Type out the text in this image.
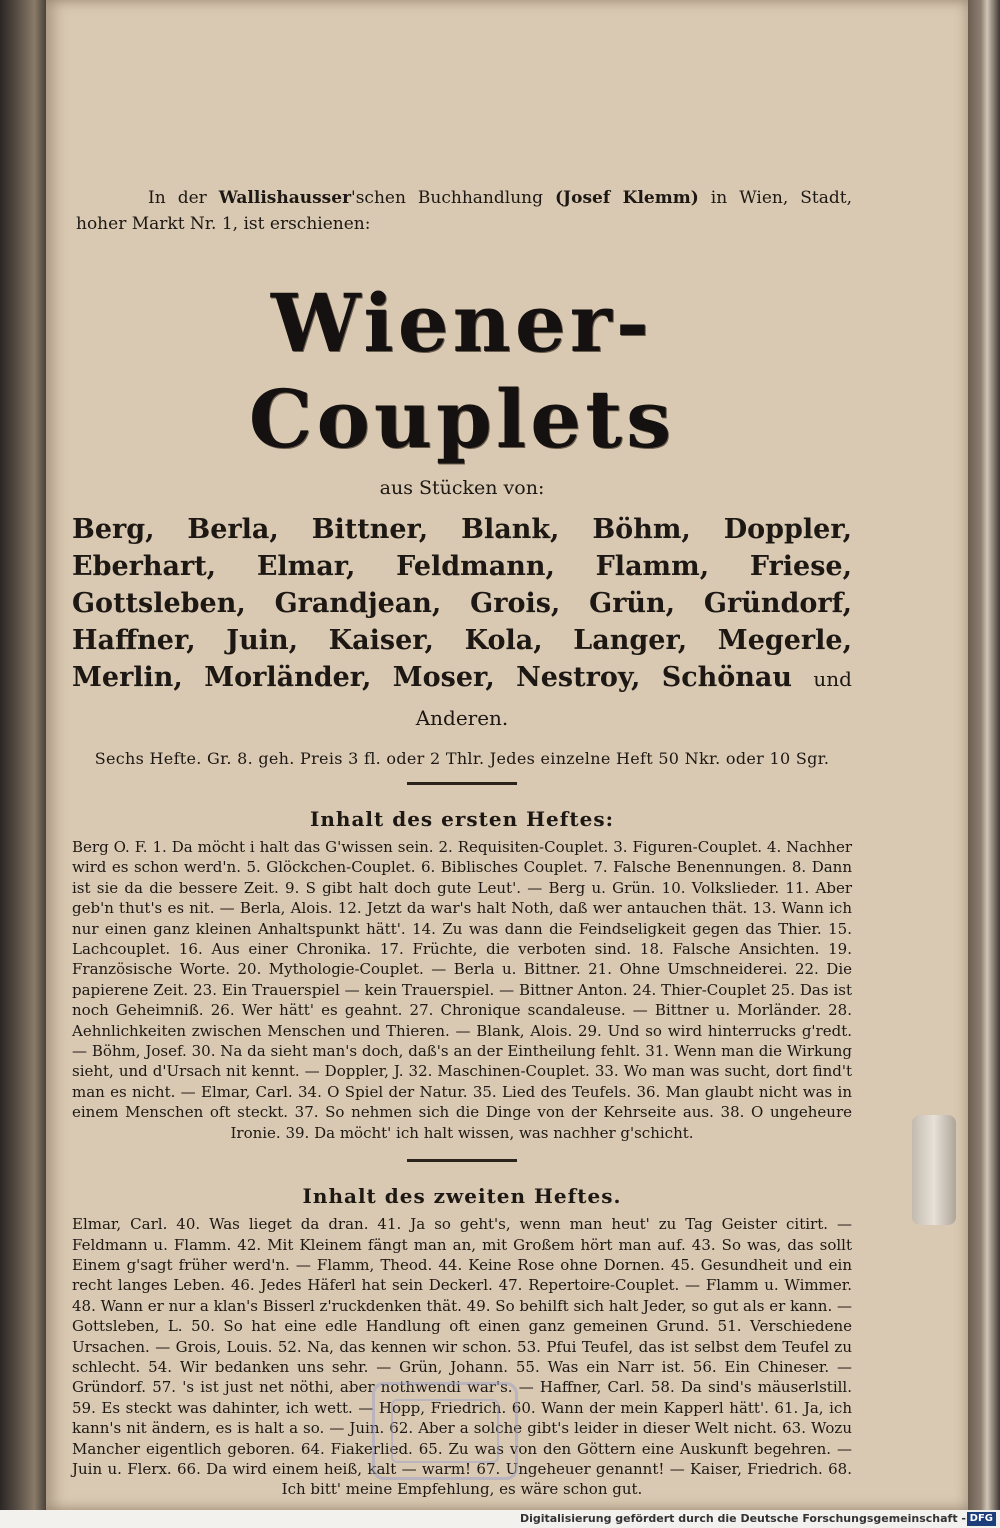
In der Wallishausser'schen Buchhandlung (Josef Klemm) in Wien, Stadt, hoher Markt Nr. 1, ist erschienen:

Wiener-Couplets
aus Stücken von:

Berg, Berla, Bittner, Blank, Böhm, Doppler, Eberhart, Elmar, Feldmann, Flamm, Friese, Gottsleben, Grandjean, Grois, Grün, Gründorf, Haffner, Juin, Kaiser, Kola, Langer, Megerle, Merlin, Morländer, Moser, Nestroy, Schönau und Anderen.

Sechs Hefte. Gr. 8. geh. Preis 3 fl. oder 2 Thlr. Jedes einzelne Heft 50 Nkr. oder 10 Sgr.
Inhalt des ersten Heftes:

Berg O. F. 1. Da möcht i halt das G'wissen sein. 2. Requisiten-Couplet. 3. Figuren-Couplet. 4. Nachher wird es schon werd'n. 5. Glöckchen-Couplet. 6. Biblisches Couplet. 7. Falsche Benennungen. 8. Dann ist sie da die bessere Zeit. 9. S gibt halt doch gute Leut'. — Berg u. Grün. 10. Volkslieder. 11. Aber geb'n thut's es nit. — Berla, Alois. 12. Jetzt da war's halt Noth, daß wer antauchen thät. 13. Wann ich nur einen ganz kleinen Anhaltspunkt hätt'. 14. Zu was dann die Feindseligkeit gegen das Thier. 15. Lachcouplet. 16. Aus einer Chronika. 17. Früchte, die verboten sind. 18. Falsche Ansichten. 19. Französische Worte. 20. Mythologie-Couplet. — Berla u. Bittner. 21. Ohne Umschneiderei. 22. Die papierene Zeit. 23. Ein Trauerspiel — kein Trauerspiel. — Bittner Anton. 24. Thier-Couplet 25. Das ist noch Geheimniß. 26. Wer hätt' es geahnt. 27. Chronique scandaleuse. — Bittner u. Morländer. 28. Aehnlichkeiten zwischen Menschen und Thieren. — Blank, Alois. 29. Und so wird hinterrucks g'redt. — Böhm, Josef. 30. Na da sieht man's doch, daß's an der Eintheilung fehlt. 31. Wenn man die Wirkung sieht, und d'Ursach nit kennt. — Doppler, J. 32. Maschinen-Couplet. 33. Wo man was sucht, dort find't man es nicht. — Elmar, Carl. 34. O Spiel der Natur. 35. Lied des Teufels. 36. Man glaubt nicht was in einem Menschen oft steckt. 37. So nehmen sich die Dinge von der Kehrseite aus. 38. O ungeheure Ironie. 39. Da möcht' ich halt wissen, was nachher g'schicht.

Inhalt des zweiten Heftes.

Elmar, Carl. 40. Was lieget da dran. 41. Ja so geht's, wenn man heut' zu Tag Geister citirt. — Feldmann u. Flamm. 42. Mit Kleinem fängt man an, mit Großem hört man auf. 43. So was, das sollt Einem g'sagt früher werd'n. — Flamm, Theod. 44. Keine Rose ohne Dornen. 45. Gesundheit und ein recht langes Leben. 46. Jedes Häferl hat sein Deckerl. 47. Repertoire-Couplet. — Flamm u. Wimmer. 48. Wann er nur a klan's Bisserl z'ruckdenken thät. 49. So behilft sich halt Jeder, so gut als er kann. — Gottsleben, L. 50. So hat eine edle Handlung oft einen ganz gemeinen Grund. 51. Verschiedene Ursachen. — Grois, Louis. 52. Na, das kennen wir schon. 53. Pfui Teufel, das ist selbst dem Teufel zu schlecht. 54. Wir bedanken uns sehr. — Grün, Johann. 55. Was ein Narr ist. 56. Ein Chineser. — Gründorf. 57. 's ist just net nöthi, aber nothwendi war's. — Haffner, Carl. 58. Da sind's mäuserlstill. 59. Es steckt was dahinter, ich wett. — Hopp, Friedrich. 60. Wann der mein Kapperl hätt'. 61. Ja, ich kann's nit ändern, es is halt a so. — Juin. 62. Aber a solche gibt's leider in dieser Welt nicht. 63. Wozu Mancher eigentlich geboren. 64. Fiakerlied. 65. Zu was von den Göttern eine Auskunft begehren. — Juin u. Flerx. 66. Da wird einem heiß, kalt — warm! 67. Ungeheuer genannt! — Kaiser, Friedrich. 68. Ich bitt' meine Empfehlung, es wäre schon gut.

Digitalisierung gefördert durch die Deutsche Forschungsgemeinschaft - DFG
